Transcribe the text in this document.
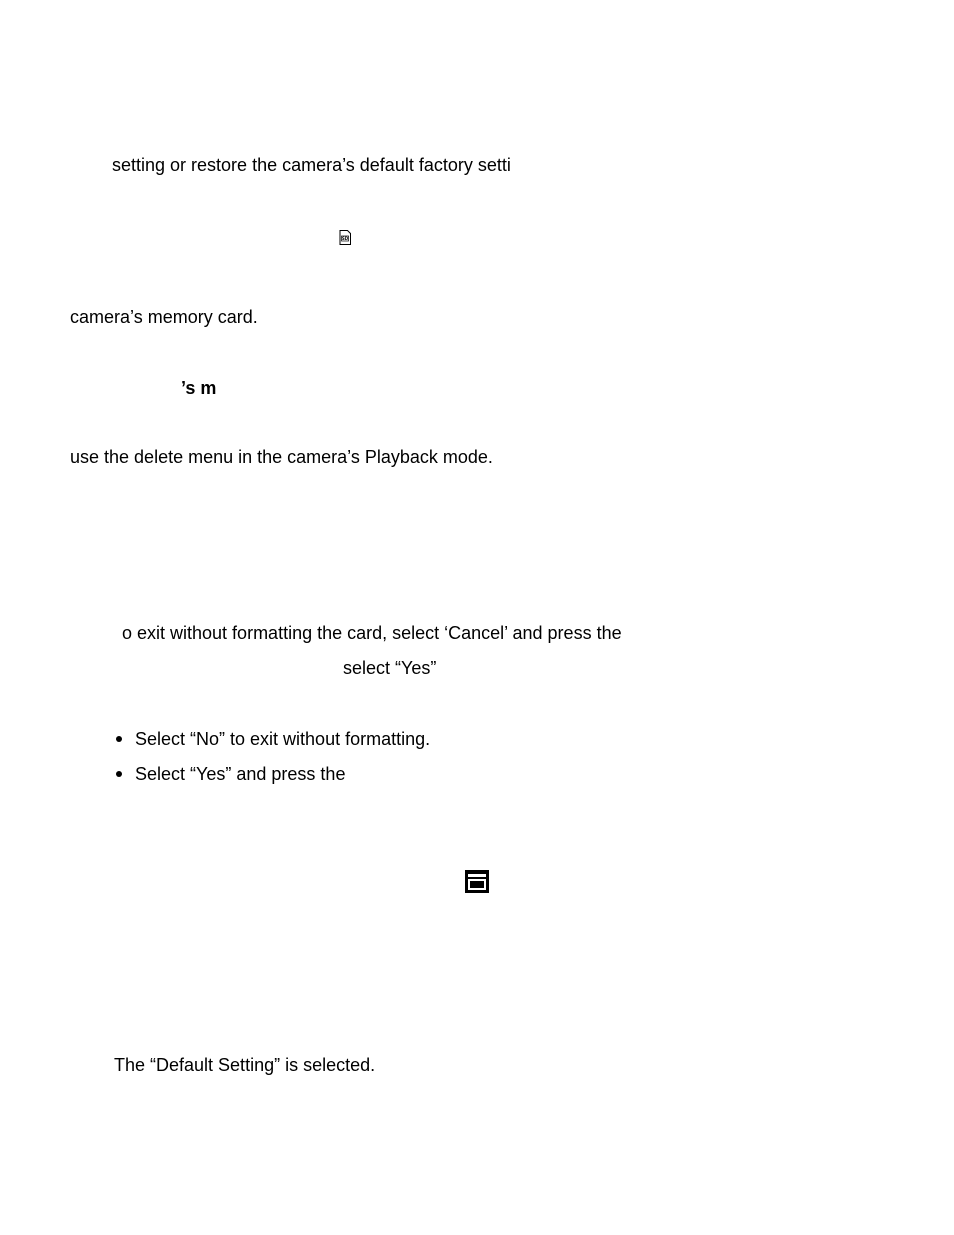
setting or restore the camera’s default factory setti

SD

camera’s memory card.

’s m

use the delete menu in the camera’s Playback mode.

o exit without formatting the card, select ‘Cancel’ and press the

select “Yes”

Select “No” to exit without formatting.

Select “Yes” and press the

The “Default Setting” is selected.
